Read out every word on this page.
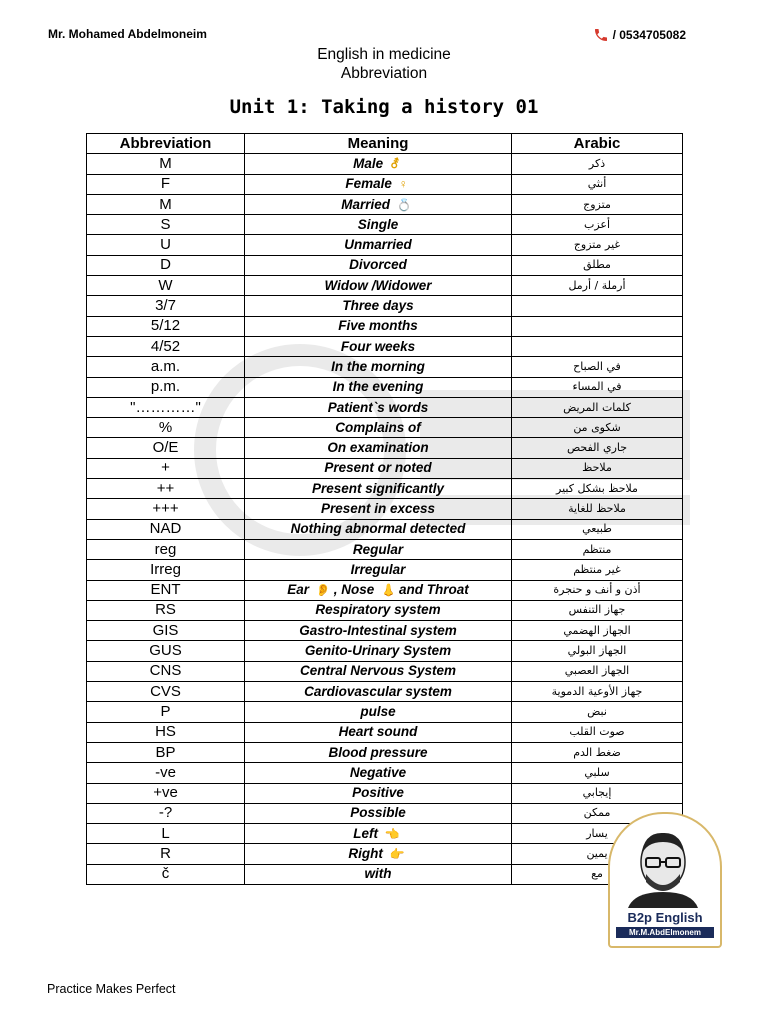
Mr. Mohamed Abdelmoneim	/ 0534705082
English in medicine
Abbreviation
Unit 1: Taking a history 01
Abbreviation	Meaning	Arabic
M	Male ⚦	ذكر
F	Female ♀	أنثي
M	Married 💍	متزوج
S	Single	أعزب
U	Unmarried	غير متزوج
D	Divorced	مطلق
W	Widow /Widower	أرملة / أرمل
3/7	Three days	
5/12	Five months	
4/52	Four weeks	
a.m.	In the morning	في الصباح
p.m.	In the evening	في المساء
"…………"	Patient`s words	كلمات المريض
%	Complains of	شكوى من
O/E	On examination	جاري الفحص
+	Present or noted	ملاحظ
++	Present significantly	ملاحظ بشكل كبير
+++	Present in excess	ملاحظ للغاية
NAD	Nothing abnormal detected	طبيعي
reg	Regular	منتظم
Irreg	Irregular	غير منتظم
ENT	Ear 👂 , Nose 👃 and Throat	أذن و أنف و حنجرة
RS	Respiratory system	جهاز التنفس
GIS	Gastro-Intestinal system	الجهاز الهضمي
GUS	Genito-Urinary System	الجهاز البولي
CNS	Central Nervous System	الجهاز العصبي
CVS	Cardiovascular system	جهاز الأوعية الدموية
P	pulse	نبض
HS	Heart sound	صوت القلب
BP	Blood pressure	ضغط الدم
-ve	Negative	سلبي
+ve	Positive	إيجابي
-?	Possible	ممكن
L	Left 👈	يسار
R	Right 👉	يمين
č	with	مع
B2p English
Mr.M.AbdElmonem
Practice Makes Perfect
